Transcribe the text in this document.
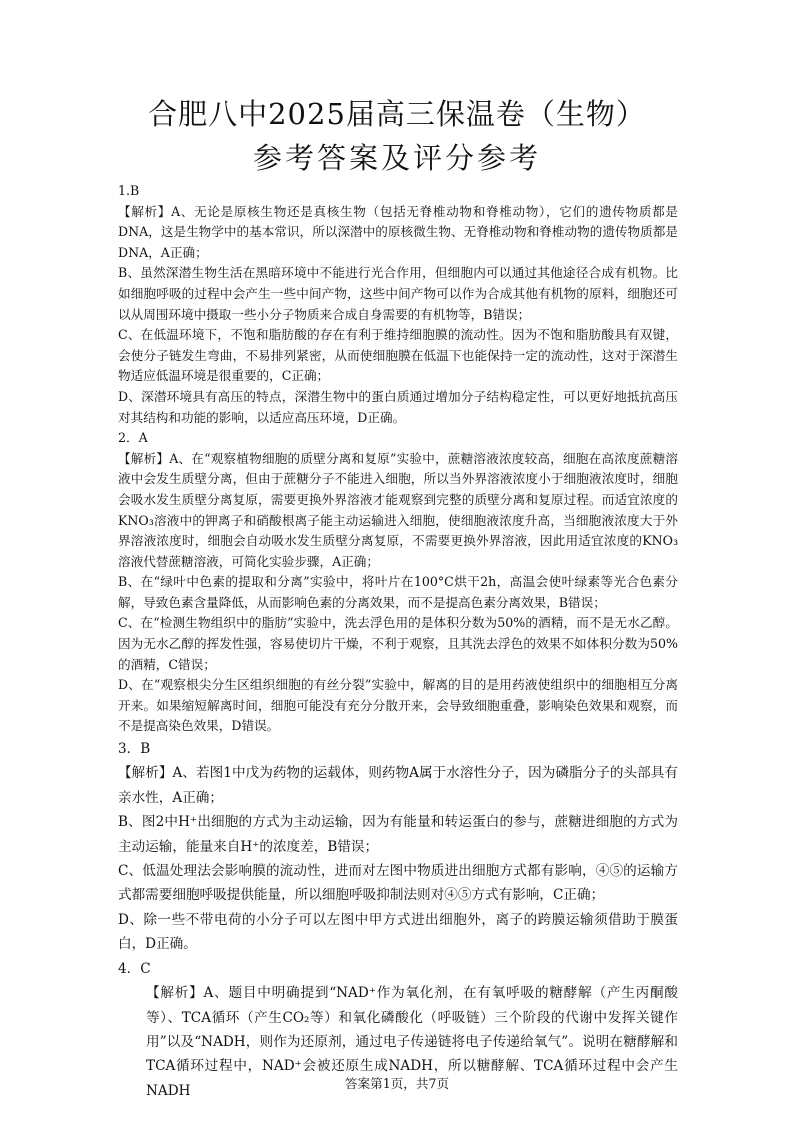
合肥八中2025届高三保温卷（生物）
参考答案及评分参考

1.B

【解析】A、无论是原核生物还是真核生物（包括无脊椎动物和脊椎动物），它们的遗传物质都是DNA，这是生物学中的基本常识，所以深潜中的原核微生物、无脊椎动物和脊椎动物的遗传物质都是DNA，A正确；

B、虽然深潜生物生活在黑暗环境中不能进行光合作用，但细胞内可以通过其他途径合成有机物。比如细胞呼吸的过程中会产生一些中间产物，这些中间产物可以作为合成其他有机物的原料，细胞还可以从周围环境中摄取一些小分子物质来合成自身需要的有机物等，B错误；

C、在低温环境下，不饱和脂肪酸的存在有利于维持细胞膜的流动性。因为不饱和脂肪酸具有双键，会使分子链发生弯曲，不易排列紧密，从而使细胞膜在低温下也能保持一定的流动性，这对于深潜生物适应低温环境是很重要的，C正确；

D、深潜环境具有高压的特点，深潜生物中的蛋白质通过增加分子结构稳定性，可以更好地抵抗高压对其结构和功能的影响，以适应高压环境，D正确。

2．A

【解析】A、在“观察植物细胞的质壁分离和复原”实验中，蔗糖溶液浓度较高，细胞在高浓度蔗糖溶液中会发生质壁分离，但由于蔗糖分子不能进入细胞，所以当外界溶液浓度小于细胞液浓度时，细胞会吸水发生质壁分离复原，需要更换外界溶液才能观察到完整的质壁分离和复原过程。而适宜浓度的KNO₃溶液中的钾离子和硝酸根离子能主动运输进入细胞，使细胞液浓度升高，当细胞液浓度大于外界溶液浓度时，细胞会自动吸水发生质壁分离复原，不需要更换外界溶液，因此用适宜浓度的KNO₃溶液代替蔗糖溶液，可简化实验步骤，A正确；

B、在“绿叶中色素的提取和分离”实验中，将叶片在100°C烘干2h，高温会使叶绿素等光合色素分解，导致色素含量降低，从而影响色素的分离效果，而不是提高色素分离效果，B错误；

C、在“检测生物组织中的脂肪”实验中，洗去浮色用的是体积分数为50%的酒精，而不是无水乙醇。因为无水乙醇的挥发性强，容易使切片干燥，不利于观察，且其洗去浮色的效果不如体积分数为50%的酒精，C错误；

D、在“观察根尖分生区组织细胞的有丝分裂”实验中，解离的目的是用药液使组织中的细胞相互分离开来。如果缩短解离时间，细胞可能没有充分分散开来，会导致细胞重叠，影响染色效果和观察，而不是提高染色效果，D错误。

3．B

【解析】A、若图1中戊为药物的运载体，则药物A属于水溶性分子，因为磷脂分子的头部具有亲水性，A正确；

B、图2中H⁺出细胞的方式为主动运输，因为有能量和转运蛋白的参与，蔗糖进细胞的方式为主动运输，能量来自H⁺的浓度差，B错误；

C、低温处理法会影响膜的流动性，进而对左图中物质进出细胞方式都有影响，④⑤的运输方式都需要细胞呼吸提供能量，所以细胞呼吸抑制法则对④⑤方式有影响，C正确；

D、除一些不带电荷的小分子可以左图中甲方式进出细胞外，离子的跨膜运输须借助于膜蛋白，D正确。

4．C

【解析】A、题目中明确提到“NAD⁺作为氧化剂，在有氧呼吸的糖酵解（产生丙酮酸等）、TCA循环（产生CO₂等）和氧化磷酸化（呼吸链）三个阶段的代谢中发挥关键作用”以及“NADH，则作为还原剂，通过电子传递链将电子传递给氧气”。说明在糖酵解和TCA循环过程中，NAD⁺会被还原生成NADH，所以糖酵解、TCA循环过程中会产生NADH	答案第1页，共7页
